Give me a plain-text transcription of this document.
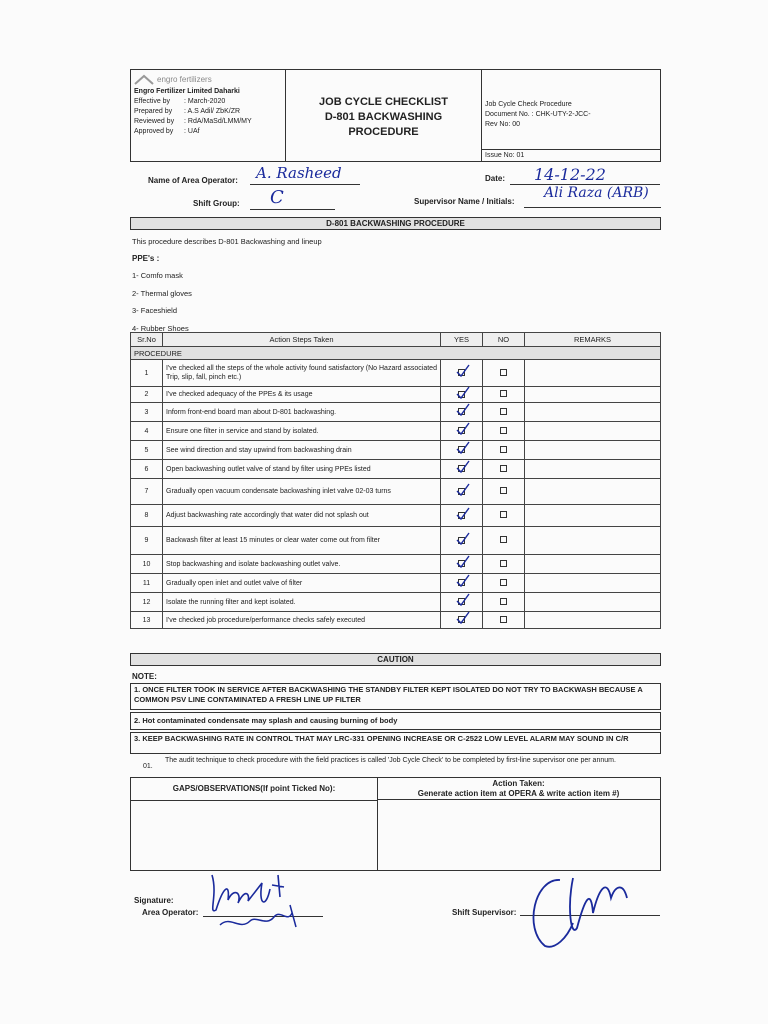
engro fertilizers
Engro Fertilizer Limited Daharki
Effective by	: March-2020
Prepared by	: A.S Adil/ ZbK/ZR
Reviewed by	: RdA/MaSd/LMM/MY
Approved by	: UAf
JOB CYCLE CHECKLIST
D-801 BACKWASHING
PROCEDURE
Job Cycle Check Procedure
Document No. : CHK-UTY-2-JCC-
Rev No: 00
Issue No: 01
Name of Area Operator: A. Rasheed	Date: 14-12-22
Shift Group: C	Supervisor Name / Initials:
Ali Raza (ARB)
D-801 BACKWASHING PROCEDURE
This procedure describes D-801 Backwashing and lineup
PPE's :
1- Comfo mask
2- Thermal gloves
3- Faceshield
4- Rubber Shoes
Sr.No	Action Steps Taken	YES	NO	REMARKS
PROCEDURE				
1	I've checked all the steps of the whole activity found satisfactory (No Hazard associated Trip, slip, fall, pinch etc.)	

2	I've checked adequacy of the PPEs & its usage	

3	Inform front-end board man about D-801 backwashing.	

4	Ensure one filter in service and stand by isolated.	

5	See wind direction and stay upwind from backwashing drain	

6	Open backwashing outlet valve of stand by filter using PPEs listed	

7	Gradually open vacuum condensate backwashing inlet valve 02-03 turns	

8	Adjust backwashing rate accordingly that water did not splash out	

9	Backwash filter at least 15 minutes or clear water come out from filter	

10	Stop backwashing and isolate backwashing outlet valve.	

11	Gradually open inlet and outlet valve of filter	

12	Isolate the running filter and kept isolated.	

13	I've checked job procedure/performance checks safely executed	

CAUTION
NOTE:
1. ONCE FILTER TOOK IN SERVICE AFTER BACKWASHING THE STANDBY FILTER KEPT ISOLATED DO NOT TRY TO BACKWASH BECAUSE A COMMON PSV LINE CONTAMINATED A FRESH LINE UP FILTER
2. Hot contaminated condensate may splash and causing burning of body
3. KEEP BACKWASHING RATE IN CONTROL THAT MAY LRC-331 OPENING INCREASE OR C-2522 LOW LEVEL ALARM MAY SOUND IN C/R
01.
The audit technique to check procedure with the field practices is called 'Job Cycle Check' to be completed by first-line supervisor one per annum.
GAPS/OBSERVATIONS(If point Ticked No):
Action Taken:
Generate action item at OPERA & write action item #)
Signature:
Area Operator:	Shift Supervisor:
